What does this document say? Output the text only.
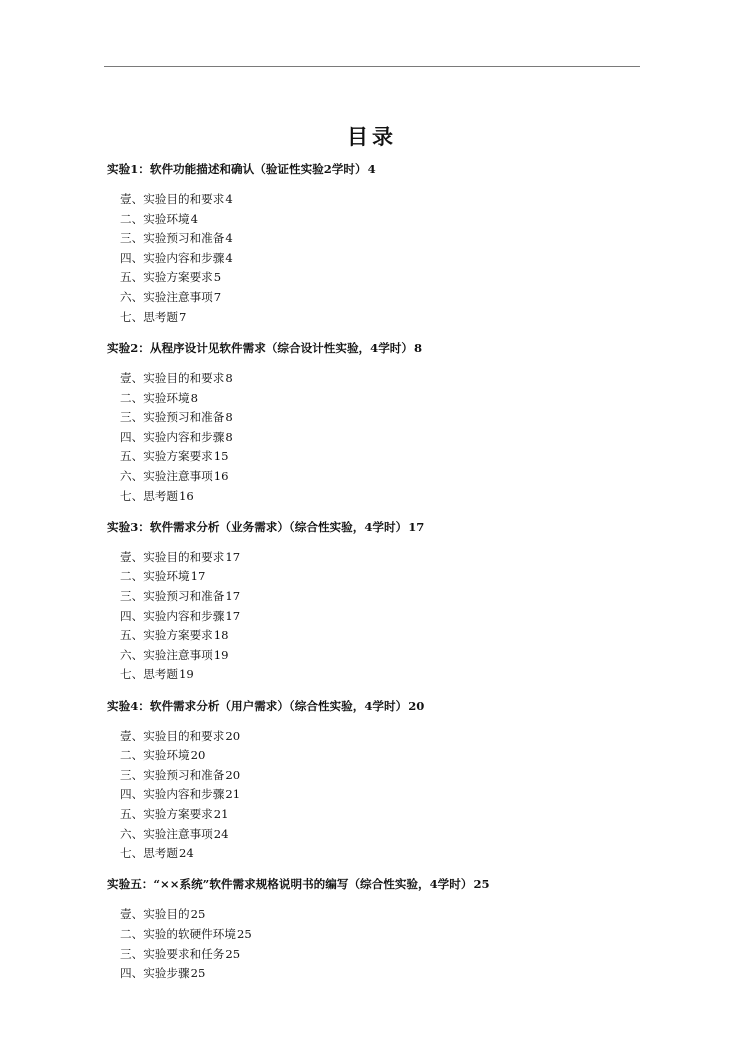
目录
实验1：软件功能描述和确认（验证性实验2学时）4
壹、实验目的和要求4
二、实验环境4
三、实验预习和准备4
四、实验内容和步骤4
五、实验方案要求5
六、实验注意事项7
七、思考题7
实验2：从程序设计见软件需求（综合设计性实验，4学时）8
壹、实验目的和要求8
二、实验环境8
三、实验预习和准备8
四、实验内容和步骤8
五、实验方案要求15
六、实验注意事项16
七、思考题16
实验3：软件需求分析（业务需求）（综合性实验，4学时）17
壹、实验目的和要求17
二、实验环境17
三、实验预习和准备17
四、实验内容和步骤17
五、实验方案要求18
六、实验注意事项19
七、思考题19
实验4：软件需求分析（用户需求）（综合性实验，4学时）20
壹、实验目的和要求20
二、实验环境20
三、实验预习和准备20
四、实验内容和步骤21
五、实验方案要求21
六、实验注意事项24
七、思考题24
实验五：“××系统”软件需求规格说明书的编写（综合性实验，4学时）25
壹、实验目的25
二、实验的软硬件环境25
三、实验要求和任务25
四、实验步骤25
